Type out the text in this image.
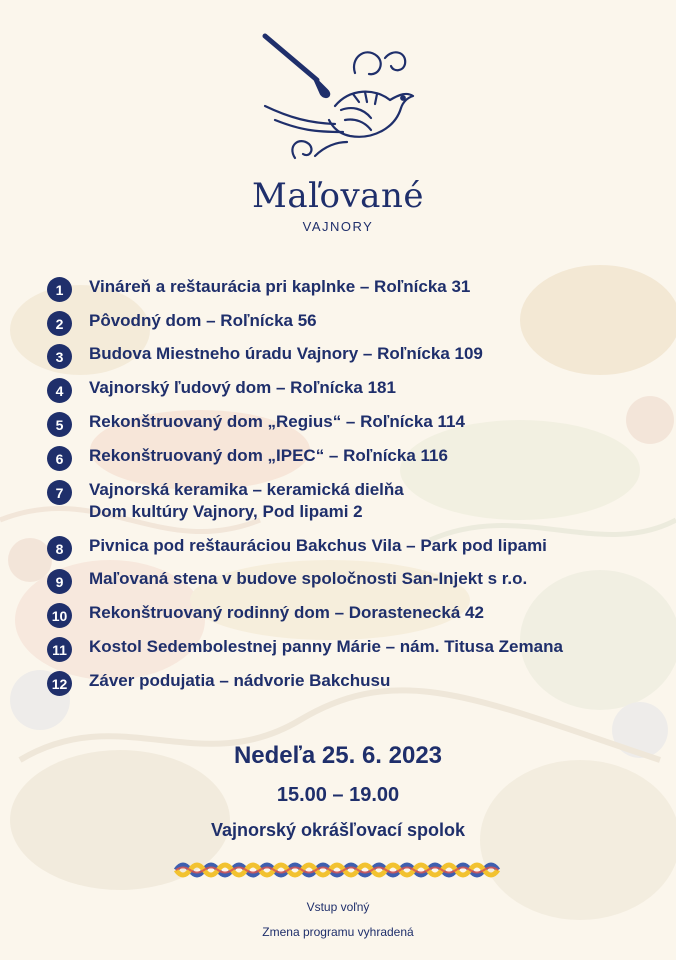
Maľované
VAJNORY
1	Vináreň a reštaurácia pri kaplnke – Roľnícka 31
2	Pôvodný dom – Roľnícka 56
3	Budova Miestneho úradu Vajnory – Roľnícka 109
4	Vajnorský ľudový dom – Roľnícka 181
5	Rekonštruovaný dom „Regius“ – Roľnícka 114
6	Rekonštruovaný dom „IPEC“ – Roľnícka 116
7	Vajnorská keramika – keramická dielňa
Dom kultúry Vajnory, Pod lipami 2
8	Pivnica pod reštauráciou Bakchus Vila – Park pod lipami
9	Maľovaná stena v budove spoločnosti San-Injekt s r.o.
10 Rekonštruovaný rodinný dom – Dorastenecká 42
11 Kostol Sedembolestnej panny Márie – nám. Titusa Zemana
12 Záver podujatia – nádvorie Bakchusu
Nedeľa 25. 6. 2023
15.00 – 19.00
Vajnorský okrášľovací spolok
Vstup voľný
Zmena programu vyhradená
